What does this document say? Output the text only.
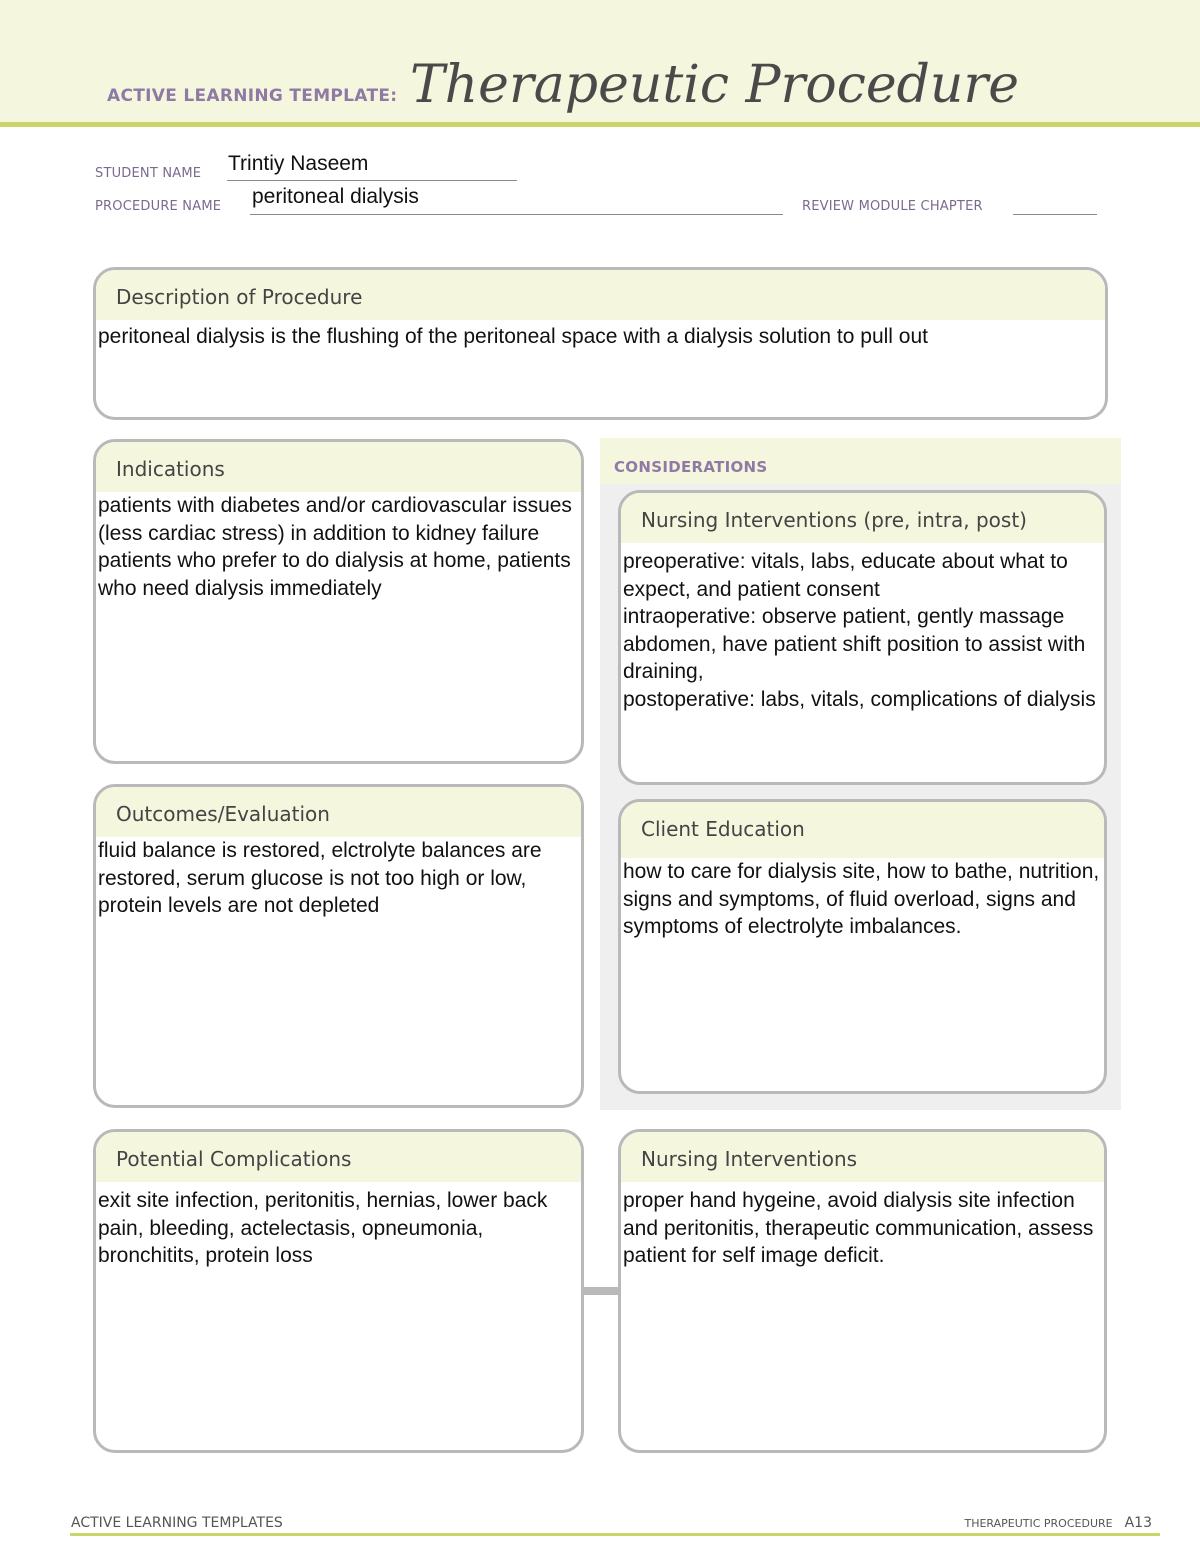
ACTIVE LEARNING TEMPLATE: Therapeutic Procedure
STUDENT NAME Trintiy Naseem
PROCEDURE NAME peritoneal dialysis	REVIEW MODULE CHAPTER
Description of Procedure
peritoneal dialysis is the flushing of the peritoneal space with a dialysis solution to pull out
Indications
patients with diabetes and/or cardiovascular issues (less cardiac stress) in addition to kidney failure patients who prefer to do dialysis at home, patients who need dialysis immediately
CONSIDERATIONS
Nursing Interventions (pre, intra, post)
preoperative: vitals, labs, educate about what to expect, and patient consent
intraoperative: observe patient, gently massage abdomen, have patient shift position to assist with draining,
postoperative: labs, vitals, complications of dialysis
Outcomes/Evaluation
fluid balance is restored, elctrolyte balances are restored, serum glucose is not too high or low, protein levels are not depleted
Client Education
how to care for dialysis site, how to bathe, nutrition, signs and symptoms, of fluid overload, signs and symptoms of electrolyte imbalances.
Potential Complications
exit site infection, peritonitis, hernias, lower back pain, bleeding, actelectasis, opneumonia, bronchitits, protein loss
Nursing Interventions
proper hand hygeine, avoid dialysis site infection and peritonitis, therapeutic communication, assess patient for self image deficit.
ACTIVE LEARNING TEMPLATES	THERAPEUTIC PROCEDURE A13
